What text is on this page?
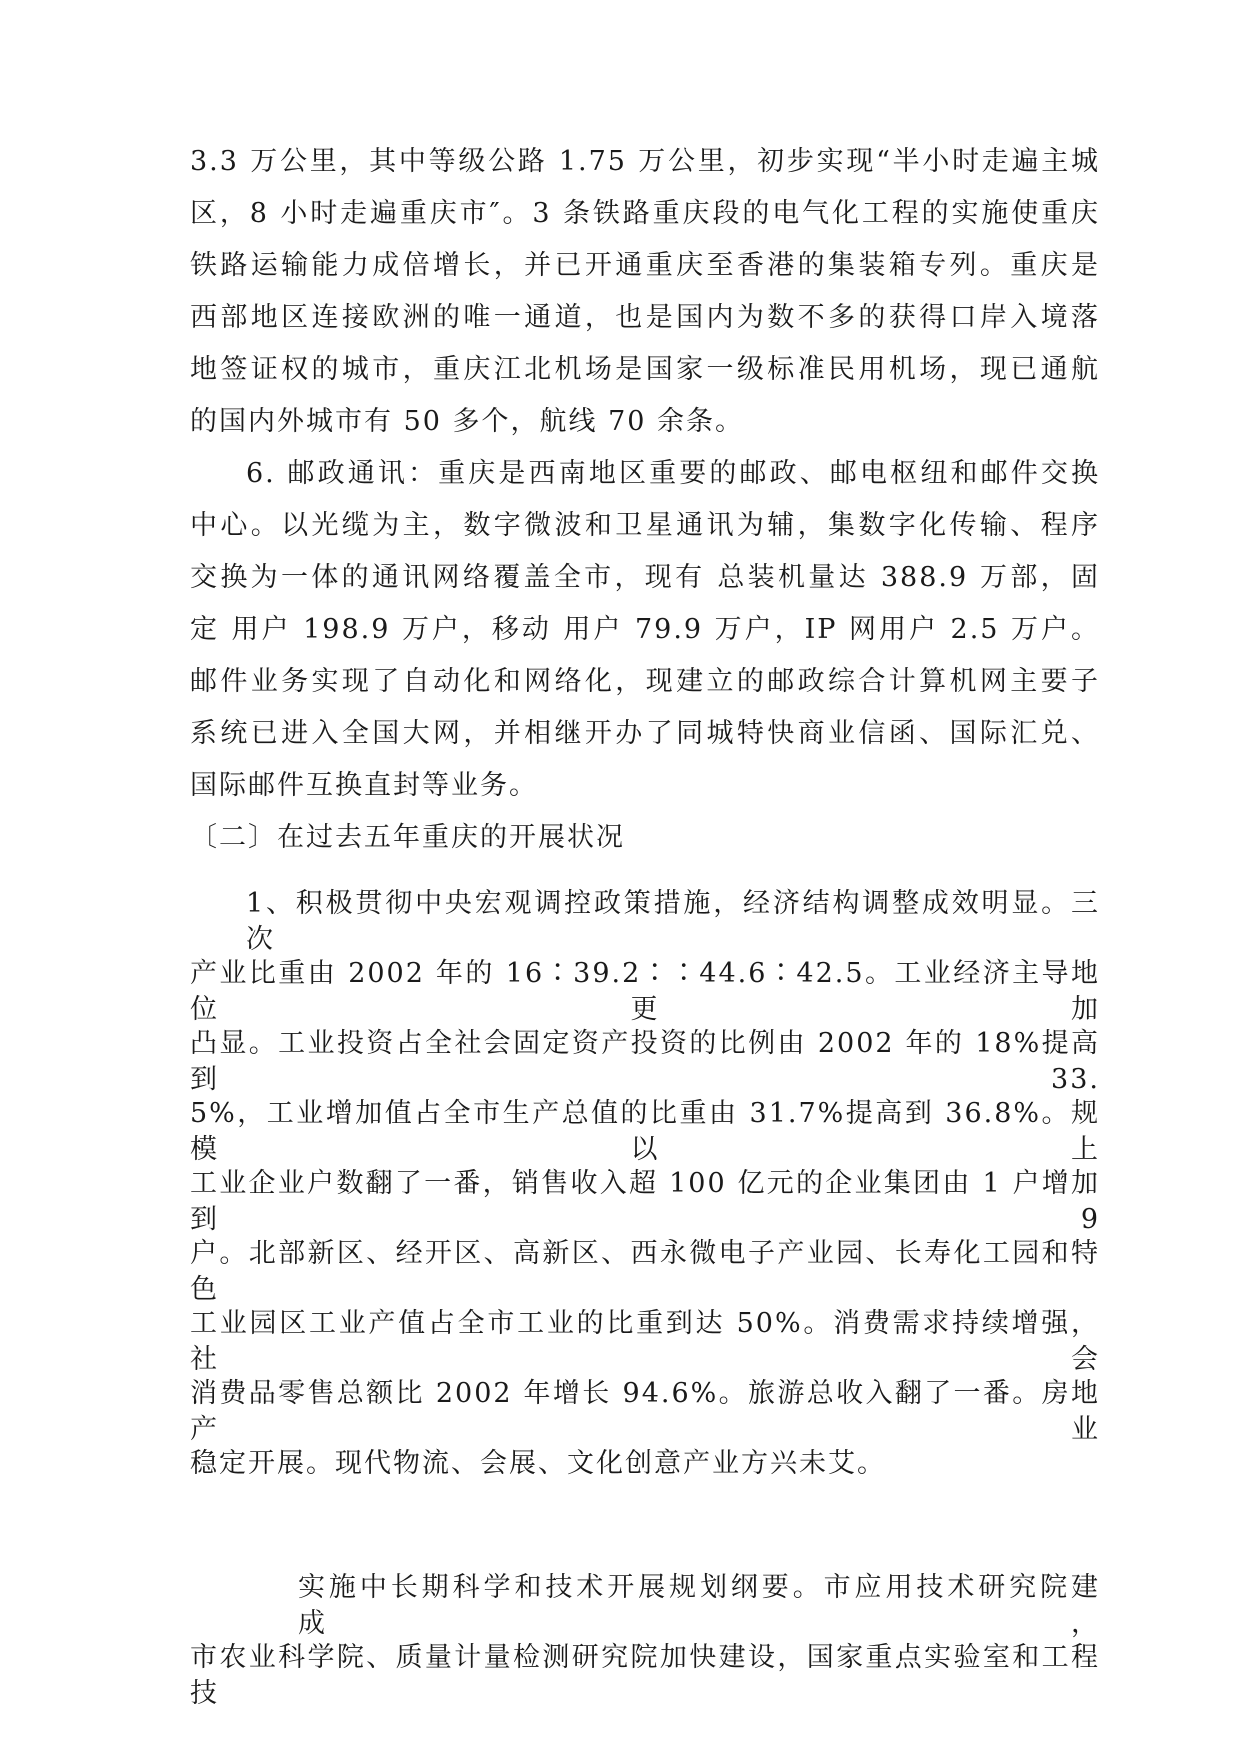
3.3 万公里，其中等级公路 1.75 万公里，初步实现“半小时走遍主城
区，8 小时走遍重庆市″。3 条铁路重庆段的电气化工程的实施使重庆
铁路运输能力成倍增长，并已开通重庆至香港的集装箱专列。重庆是
西部地区连接欧洲的唯一通道，也是国内为数不多的获得口岸入境落
地签证权的城市，重庆江北机场是国家一级标准民用机场，现已通航
的国内外城市有 50 多个，航线 70 余条。
6. 邮政通讯：重庆是西南地区重要的邮政、邮电枢纽和邮件交换
中心。以光缆为主，数字微波和卫星通讯为辅，集数字化传输、程序
交换为一体的通讯网络覆盖全市，现有 总装机量达 388.9 万部，固
定 用户 198.9 万户，移动 用户 79.9 万户，IP 网用户 2.5 万户。
邮件业务实现了自动化和网络化，现建立的邮政综合计算机网主要子
系统已进入全国大网，并相继开办了同城特快商业信函、国际汇兑、
国际邮件互换直封等业务。
〔二〕在过去五年重庆的开展状况
1、积极贯彻中央宏观调控政策措施，经济结构调整成效明显。三次
产业比重由 2002 年的 16∶39.2∶∶44.6∶42.5。工业经济主导地位更加
凸显。工业投资占全社会固定资产投资的比例由 2002 年的 18%提高到 33.
5%，工业增加值占全市生产总值的比重由 31.7%提高到 36.8%。规模以上
工业企业户数翻了一番，销售收入超 100 亿元的企业集团由 1 户增加到 9
户。北部新区、经开区、高新区、西永微电子产业园、长寿化工园和特色
工业园区工业产值占全市工业的比重到达 50%。消费需求持续增强，社会
消费品零售总额比 2002 年增长 94.6%。旅游总收入翻了一番。房地产业
稳定开展。现代物流、会展、文化创意产业方兴未艾。
实施中长期科学和技术开展规划纲要。市应用技术研究院建成，
市农业科学院、质量计量检测研究院加快建设，国家重点实验室和工程技
